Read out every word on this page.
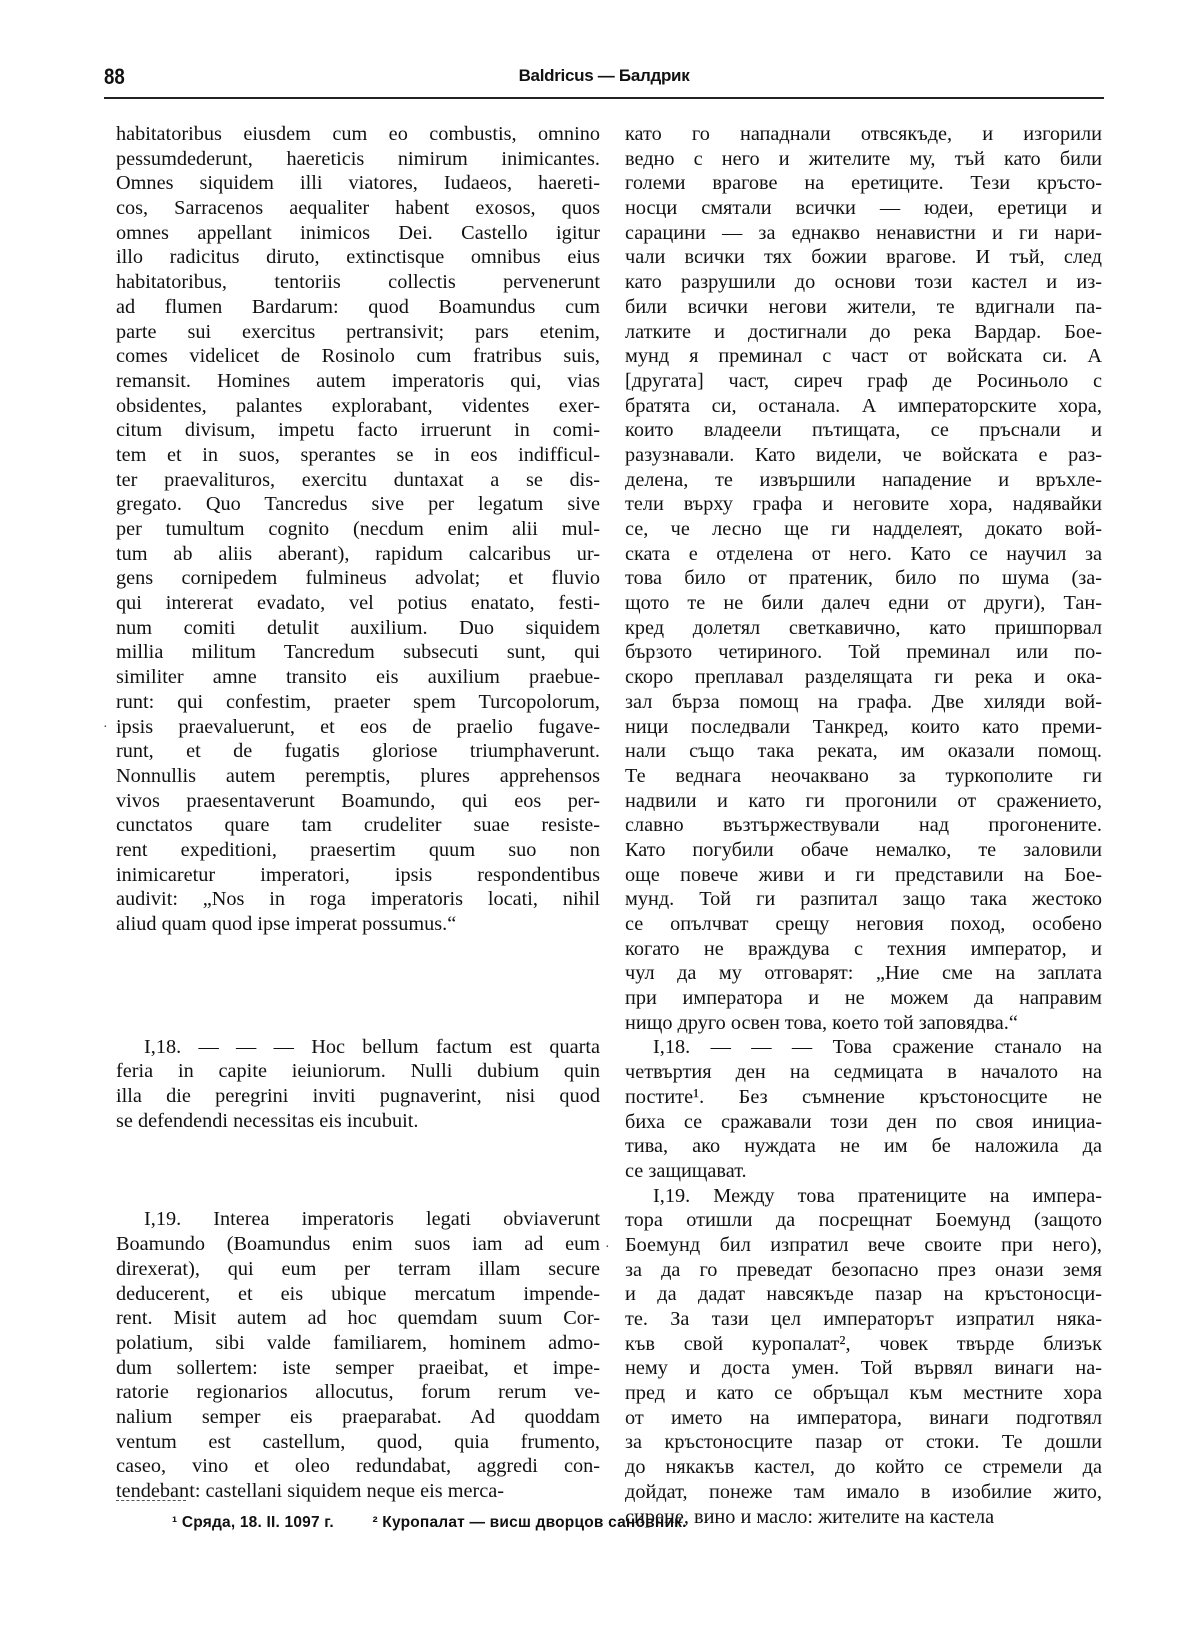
88	Baldricus — Балдрик
habitatoribus eiusdem cum eo combustis, omnino
pessumdederunt, haereticis nimirum inimicantes.
Omnes siquidem illi viatores, Iudaeos, haereti-
cos, Sarracenos aequaliter habent exosos, quos
omnes appellant inimicos Dei. Castello igitur
illo radicitus diruto, extinctisque omnibus eius
habitatoribus, tentoriis collectis pervenerunt
ad flumen Bardarum: quod Boamundus cum
parte sui exercitus pertransivit; pars etenim,
comes videlicet de Rosinolo cum fratribus suis,
remansit. Homines autem imperatoris qui, vias
obsidentes, palantes explorabant, videntes exer-
citum divisum, impetu facto irruerunt in comi-
tem et in suos, sperantes se in eos indifficul-
ter praevalituros, exercitu duntaxat a se dis-
gregato. Quo Tancredus sive per legatum sive
per tumultum cognito (necdum enim alii mul-
tum ab aliis aberant), rapidum calcaribus ur-
gens cornipedem fulmineus advolat; et fluvio
qui intererat evadato, vel potius enatato, festi-
num comiti detulit auxilium. Duo siquidem
millia militum Tancredum subsecuti sunt, qui
similiter amne transito eis auxilium praebue-
runt: qui confestim, praeter spem Turcopolorum,
ipsis praevaluerunt, et eos de praelio fugave-
runt, et de fugatis gloriose triumphaverunt.
Nonnullis autem peremptis, plures apprehensos
vivos praesentaverunt Boamundo, qui eos per-
cunctatos quare tam crudeliter suae resiste-
rent expeditioni, praesertim quum suo non
inimicaretur imperatori, ipsis respondentibus
audivit: „Nos in roga imperatoris locati, nihil
aliud quam quod ipse imperat possumus.“
I,18. — — — Hoc bellum factum est quarta
feria in capite ieiuniorum. Nulli dubium quin
illa die peregrini inviti pugnaverint, nisi quod
se defendendi necessitas eis incubuit.
I,19. Interea imperatoris legati obviaverunt
Boamundo (Boamundus enim suos iam ad eum
direxerat), qui eum per terram illam secure
deducerent, et eis ubique mercatum impende-
rent. Misit autem ad hoc quemdam suum Cor-
polatium, sibi valde familiarem, hominem admo-
dum sollertem: iste semper praeibat, et impe-
ratorie regionarios allocutus, forum rerum ve-
nalium semper eis praeparabat. Ad quoddam
ventum est castellum, quod, quia frumento,
caseo, vino et oleo redundabat, aggredi con-
tendebant: castellani siquidem neque eis merca-
като го нападнали отвсякъде, и изгорили
ведно с него и жителите му, тъй като били
големи врагове на еретиците. Тези кръсто-
носци смятали всички — юдеи, еретици и
сарацини — за еднакво ненавистни и ги нари-
чали всички тях божии врагове. И тъй, след
като разрушили до основи този кастел и из-
били всички негови жители, те вдигнали па-
латките и достигнали до река Вардар. Бое-
мунд я преминал с част от войската си. А
[другата] част, сиреч граф де Росиньоло с
братята си, останала. А императорските хора,
които владеели пътищата, се пръснали и
разузнавали. Като видели, че войската е раз-
делена, те извършили нападение и връхле-
тели върху графа и неговите хора, надявайки
се, че лесно ще ги надделеят, докато вой-
ската е отделена от него. Като се научил за
това било от пратеник, било по шума (за-
щото те не били далеч едни от други), Тан-
кред долетял светкавично, като пришпорвал
бързото четириного. Той преминал или по-
скоро преплавал разделящата ги река и ока-
зал бърза помощ на графа. Две хиляди вой-
ници последвали Танкред, които като преми-
нали също така реката, им оказали помощ.
Те веднага неочаквано за туркополите ги
надвили и като ги прогонили от сражението,
славно възтържествували над прогонените.
Като погубили обаче немалко, те заловили
още повече живи и ги представили на Бое-
мунд. Той ги разпитал защо така жестоко
се опълчват срещу неговия поход, особено
когато не враждува с техния император, и
чул да му отговарят: „Ние сме на заплата
при императора и не можем да направим
нищо друго освен това, което той заповядва.“
I,18. — — — Това сражение станало на
четвъртия ден на седмицата в началото на
постите¹. Без съмнение кръстоносците не
биха се сражавали този ден по своя инициа-
тива, ако нуждата не им бе наложила да
се защищават.
I,19. Между това пратениците на импера-
тора отишли да посрещнат Боемунд (защото
Боемунд бил изпратил вече своите при него),
за да го преведат безопасно през онази земя
и да дадат навсякъде пазар на кръстоносци-
те. За тази цел императорът изпратил няка-
къв свой куропалат², човек твърде близък
нему и доста умен. Той вървял винаги на-
пред и като се обръщал към местните хора
от името на императора, винаги подготвял
за кръстоносците пазар от стоки. Те дошли
до някакъв кастел, до който се стремели да
дойдат, понеже там имало в изобилие жито,
сирене, вино и масло: жителите на кастела
·
·
¹ Сряда, 18. II. 1097 г. ² Куропалат — висш дворцов сановник.
